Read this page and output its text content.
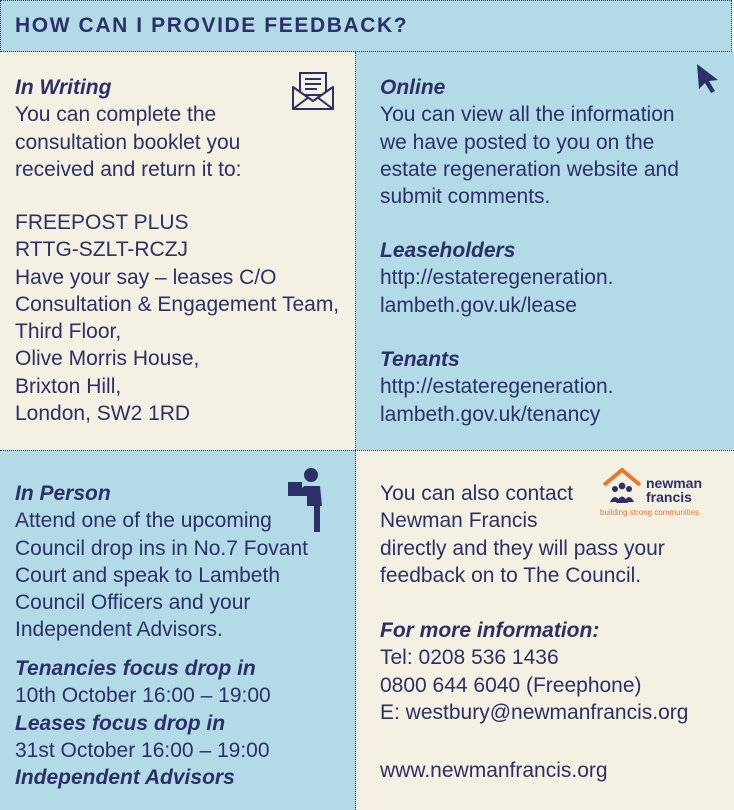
HOW CAN I PROVIDE FEEDBACK?
In Writing
You can complete the
consultation booklet you
received and return it to:
FREEPOST PLUS
RTTG-SZLT-RCZJ
Have your say – leases C/O
Consultation & Engagement Team,
Third Floor,
Olive Morris House,
Brixton Hill,
London, SW2 1RD
Online
You can view all the information
we have posted to you on the
estate regeneration website and
submit comments.
Leaseholders
http://estateregeneration.
lambeth.gov.uk/lease
Tenants
http://estateregeneration.
lambeth.gov.uk/tenancy
In Person
Attend one of the upcoming
Council drop ins in No.7 Fovant
Court and speak to Lambeth
Council Officers and your
Independent Advisors.
Tenancies focus drop in
10th October 16:00 – 19:00
Leases focus drop in
31st October 16:00 – 19:00
Independent Advisors
You can also contact
Newman Francis
directly and they will pass your
feedback on to The Council.
For more information:
Tel: 0208 536 1436
0800 644 6040 (Freephone)
E: westbury@newmanfrancis.org
www.newmanfrancis.org
newman
francis
building strong communities
